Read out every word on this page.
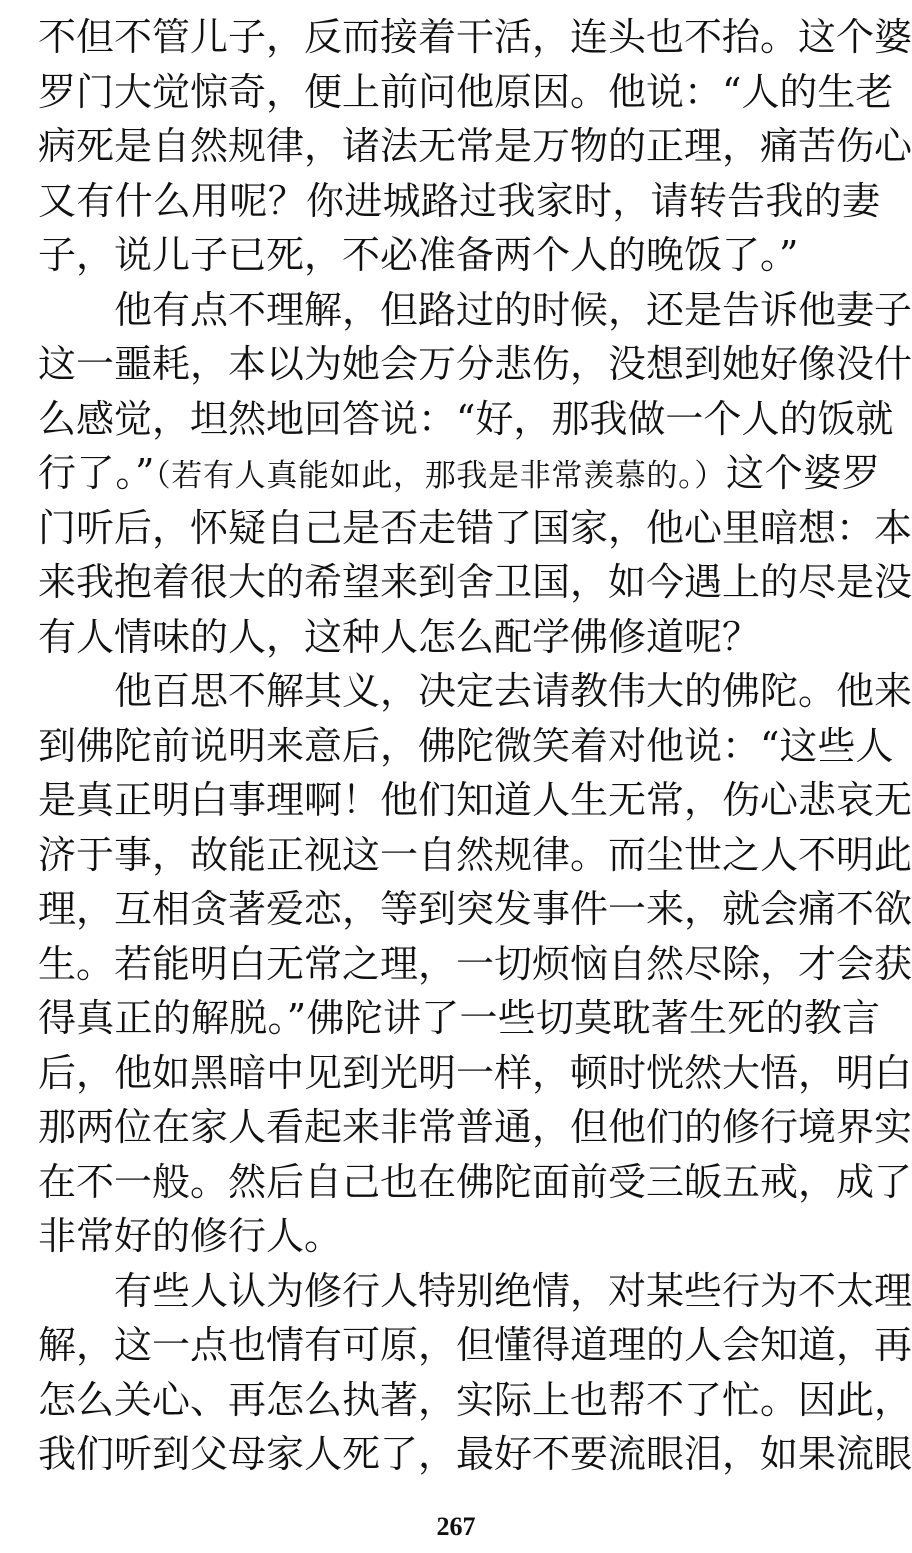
不但不管儿子，反而接着干活，连头也不抬。这个婆
罗门大觉惊奇，便上前问他原因。他说：“人的生老
病死是自然规律，诸法无常是万物的正理，痛苦伤心
又有什么用呢？你进城路过我家时，请转告我的妻
子，说儿子已死，不必准备两个人的晚饭了。”
他有点不理解，但路过的时候，还是告诉他妻子
这一噩耗，本以为她会万分悲伤，没想到她好像没什
么感觉，坦然地回答说：“好，那我做一个人的饭就
行了。”（若有人真能如此，那我是非常羡慕的。）这个婆罗
门听后，怀疑自己是否走错了国家，他心里暗想：本
来我抱着很大的希望来到舍卫国，如今遇上的尽是没
有人情味的人，这种人怎么配学佛修道呢？
他百思不解其义，决定去请教伟大的佛陀。他来
到佛陀前说明来意后，佛陀微笑着对他说：“这些人
是真正明白事理啊！他们知道人生无常，伤心悲哀无
济于事，故能正视这一自然规律。而尘世之人不明此
理，互相贪著爱恋，等到突发事件一来，就会痛不欲
生。若能明白无常之理，一切烦恼自然尽除，才会获
得真正的解脱。”佛陀讲了一些切莫耽著生死的教言
后，他如黑暗中见到光明一样，顿时恍然大悟，明白
那两位在家人看起来非常普通，但他们的修行境界实
在不一般。然后自己也在佛陀面前受三皈五戒，成了
非常好的修行人。
有些人认为修行人特别绝情，对某些行为不太理
解，这一点也情有可原，但懂得道理的人会知道，再
怎么关心、再怎么执著，实际上也帮不了忙。因此，
我们听到父母家人死了，最好不要流眼泪，如果流眼
267
